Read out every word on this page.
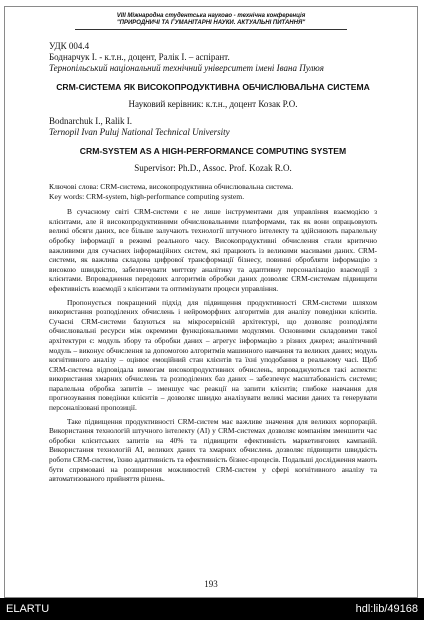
VIII Міжнародна студентська науково - технічна конференція
"ПРИРОДНИЧІ ТА ГУМАНІТАРНІ НАУКИ. АКТУАЛЬНІ ПИТАННЯ"
УДК 004.4
Боднарчук І. - к.т.н., доцент, Ралік І. – аспірант.
Тернопільський національний технічний університет імені Івана Пулюя
CRM-СИСТЕМА ЯК ВИСОКОПРОДУКТИВНА ОБЧИСЛЮВАЛЬНА СИСТЕМА
Науковий керівник: к.т.н., доцент Козак Р.О.
Bodnarchuk I., Ralik I.
Ternopil Ivan Puluj National Technical University
CRM-SYSTEM AS A HIGH-PERFORMANCE COMPUTING SYSTEM
Supervisor: Ph.D., Assoc. Prof. Kozak R.O.
Ключові слова: CRM-система, високопродуктивна обчислювальна система.
Key words: CRM-system, high-performance computing system.

В сучасному світі CRM-системи є не лише інструментами для управління взаємодією з клієнтами, але й високопродуктивними обчислювальними платформами, так як вони опрацьовують великі обсяги даних, все більше залучають технології штучного інтелекту та здійснюють паралельну обробку інформації в режимі реального часу. Високопродуктивні обчислення стали критично важливими для сучасних інформаційних систем, які працюють із великими масивами даних. CRM-системи, як важлива складова цифрової трансформації бізнесу, повинні обробляти інформацію з високою швидкістю, забезпечувати миттєву аналітику та адаптивну персоналізацію взаємодії з клієнтами. Впровадження передових алгоритмів обробки даних дозволяє CRM-системам підвищити ефективність взаємодії з клієнтами та оптимізувати процеси управління.

Пропонується покращений підхід для підвищення продуктивності CRM-системи шляхом використання розподілених обчислень і нейроморфних алгоритмів для аналізу поведінки клієнтів. Сучасні CRM-системи базуються на мікросервісній архітектурі, що дозволяє розподіляти обчислювальні ресурси між окремими функціональними модулями. Основними складовими такої архітектури є: модуль збору та обробки даних – агрегує інформацію з різних джерел; аналітичний модуль – виконує обчислення за допомогою алгоритмів машинного навчання та великих даних; модуль когнітивного аналізу – оцінює емоційний стан клієнтів та їхні уподобання в реальному часі. Щоб CRM-система відповідала вимогам високопродуктивних обчислень, впроваджуються такі аспекти: використання хмарних обчислень та розподілених баз даних – забезпечує масштабованість системи; паралельна обробка запитів – зменшує час реакції на запити клієнтів; глибоке навчання для прогнозування поведінки клієнтів – дозволяє швидко аналізувати великі масиви даних та генерувати персоналізовані пропозиції.

Таке підвищення продуктивності CRM-систем має важливе значення для великих корпорацій. Використання технологій штучного інтелекту (AI) у CRM-системах дозволяє компаніям зменшити час обробки клієнтських запитів на 40% та підвищити ефективність маркетингових кампаній. Використання технологій AI, великих даних та хмарних обчислень дозволяє підвищити швидкість роботи CRM-систем, їхню адаптивність та ефективність бізнес-процесів. Подальші дослідження мають бути спрямовані на розширення можливостей CRM-систем у сфері когнітивного аналізу та автоматизованого прийняття рішень.

193
ELARTU	hdl:lib/49168
